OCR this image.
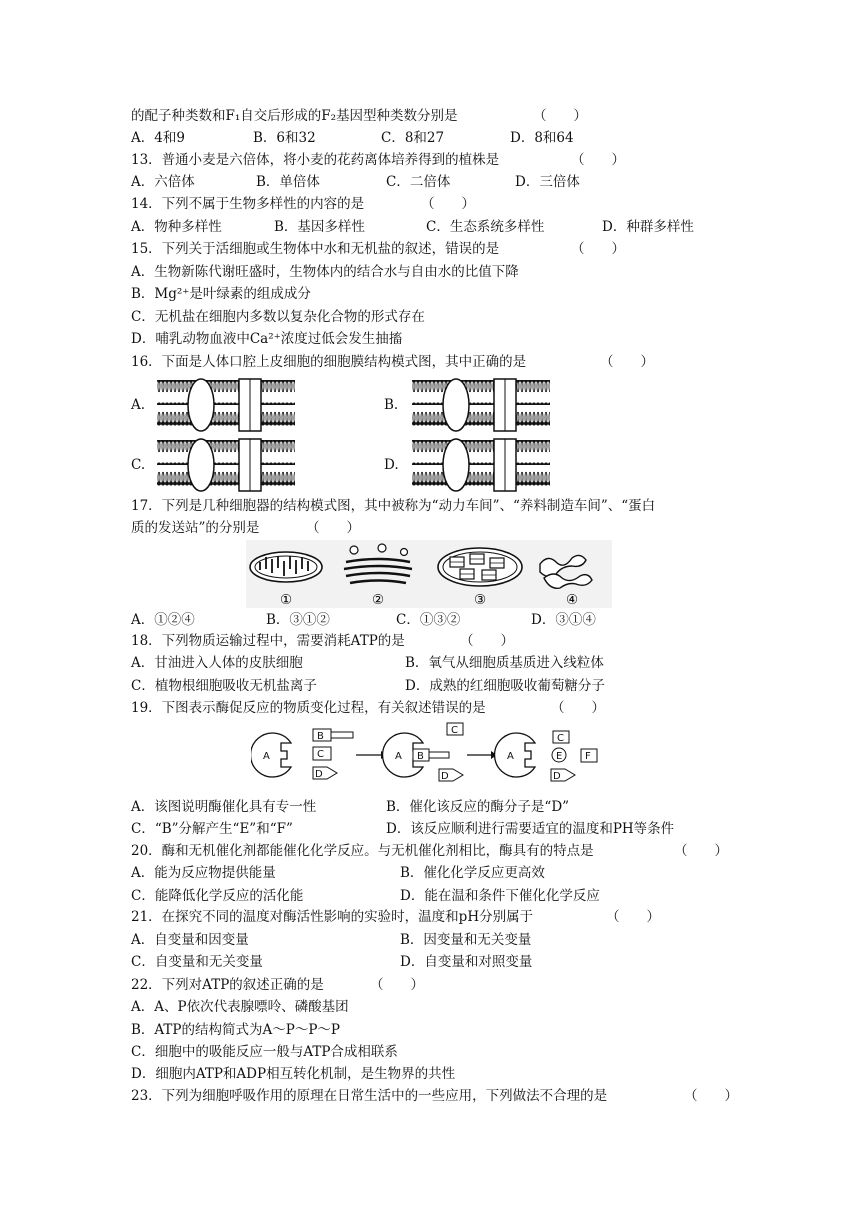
的配子种类数和F₁自交后形成的F₂基因型种类数分别是	（　　）
A．4和9	B．6和32	C．8和27	D．8和64
13．普通小麦是六倍体，将小麦的花药离体培养得到的植株是	（　　）
A．六倍体	B．单倍体	C．二倍体	D．三倍体
14．下列不属于生物多样性的内容的是	（　　）
A．物种多样性	B．基因多样性	C．生态系统多样性	D．种群多样性
15．下列关于活细胞或生物体中水和无机盐的叙述，错误的是	（　　）
A．生物新陈代谢旺盛时，生物体内的结合水与自由水的比值下降
B．Mg²⁺是叶绿素的组成成分
C．无机盐在细胞内多数以复杂化合物的形式存在
D．哺乳动物血液中Ca²⁺浓度过低会发生抽搐
16．下面是人体口腔上皮细胞的细胞膜结构模式图，其中正确的是	（　　）
A.	B.
C.	D.
17．下列是几种细胞器的结构模式图，其中被称为“动力车间”、“养料制造车间”、“蛋白
质的发送站”的分别是	（　　）
①	②	③	④
A．①②④	B．③①②	C．①③②	D．③①④
18．下列物质运输过程中，需要消耗ATP的是	（　　）
A．甘油进入人体的皮肤细胞	B．氧气从细胞质基质进入线粒体
C．植物根细胞吸收无机盐离子	D．成熟的红细胞吸收葡萄糖分子
19．下图表示酶促反应的物质变化过程，有关叙述错误的是	（　　）
A
B
C
D
A B
C
D
A
C
E F
D
A．该图说明酶催化具有专一性	B．催化该反应的酶分子是“D”
C．“B”分解产生“E”和“F”	D．该反应顺利进行需要适宜的温度和PH等条件
20．酶和无机催化剂都能催化化学反应。与无机催化剂相比，酶具有的特点是	（　　）
A．能为反应物提供能量	B．催化化学反应更高效
C．能降低化学反应的活化能	D．能在温和条件下催化化学反应
21．在探究不同的温度对酶活性影响的实验时，温度和pH分别属于	（　　）
A．自变量和因变量	B．因变量和无关变量
C．自变量和无关变量	D．自变量和对照变量
22．下列对ATP的叙述正确的是	（　　）
A．A、P依次代表腺嘌呤、磷酸基团
B．ATP的结构简式为A～P～P～P
C．细胞中的吸能反应一般与ATP合成相联系
D．细胞内ATP和ADP相互转化机制，是生物界的共性
23．下列为细胞呼吸作用的原理在日常生活中的一些应用，下列做法不合理的是	（　　）
